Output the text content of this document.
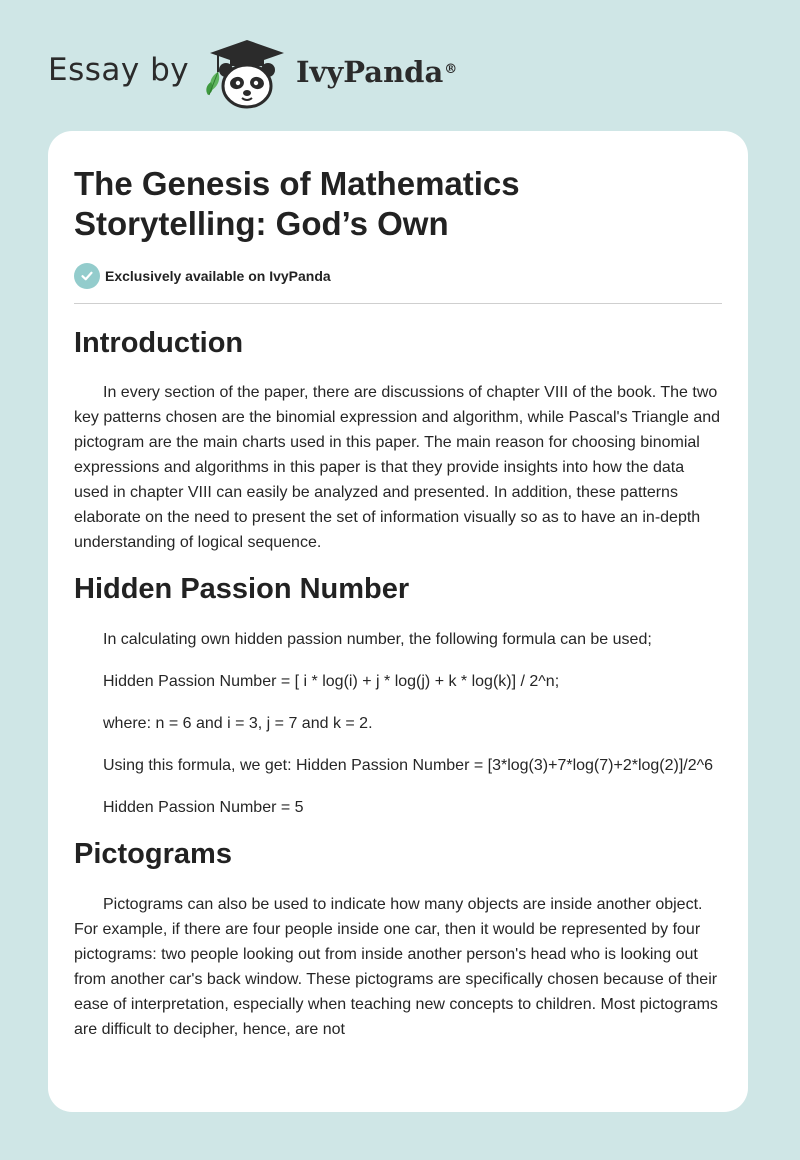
Essay by	IvyPanda®
The Genesis of Mathematics Storytelling: God’s Own
Exclusively available on IvyPanda
Introduction

In every section of the paper, there are discussions of chapter VIII of the book. The two key patterns chosen are the binomial expression and algorithm, while Pascal's Triangle and pictogram are the main charts used in this paper. The main reason for choosing binomial expressions and algorithms in this paper is that they provide insights into how the data used in chapter VIII can easily be analyzed and presented. In addition, these patterns elaborate on the need to present the set of information visually so as to have an in-depth understanding of logical sequence.

Hidden Passion Number

In calculating own hidden passion number, the following formula can be used;

Hidden Passion Number = [ i * log(i) + j * log(j) + k * log(k)] / 2^n;

where: n = 6 and i = 3, j = 7 and k = 2.

Using this formula, we get: Hidden Passion Number = [3*log(3)+7*log(7)+2*log(2)]/2^6

Hidden Passion Number = 5

Pictograms

Pictograms can also be used to indicate how many objects are inside another object. For example, if there are four people inside one car, then it would be represented by four pictograms: two people looking out from inside another person's head who is looking out from another car's back window. These pictograms are specifically chosen because of their ease of interpretation, especially when teaching new concepts to children. Most pictograms are difficult to decipher, hence, are not
